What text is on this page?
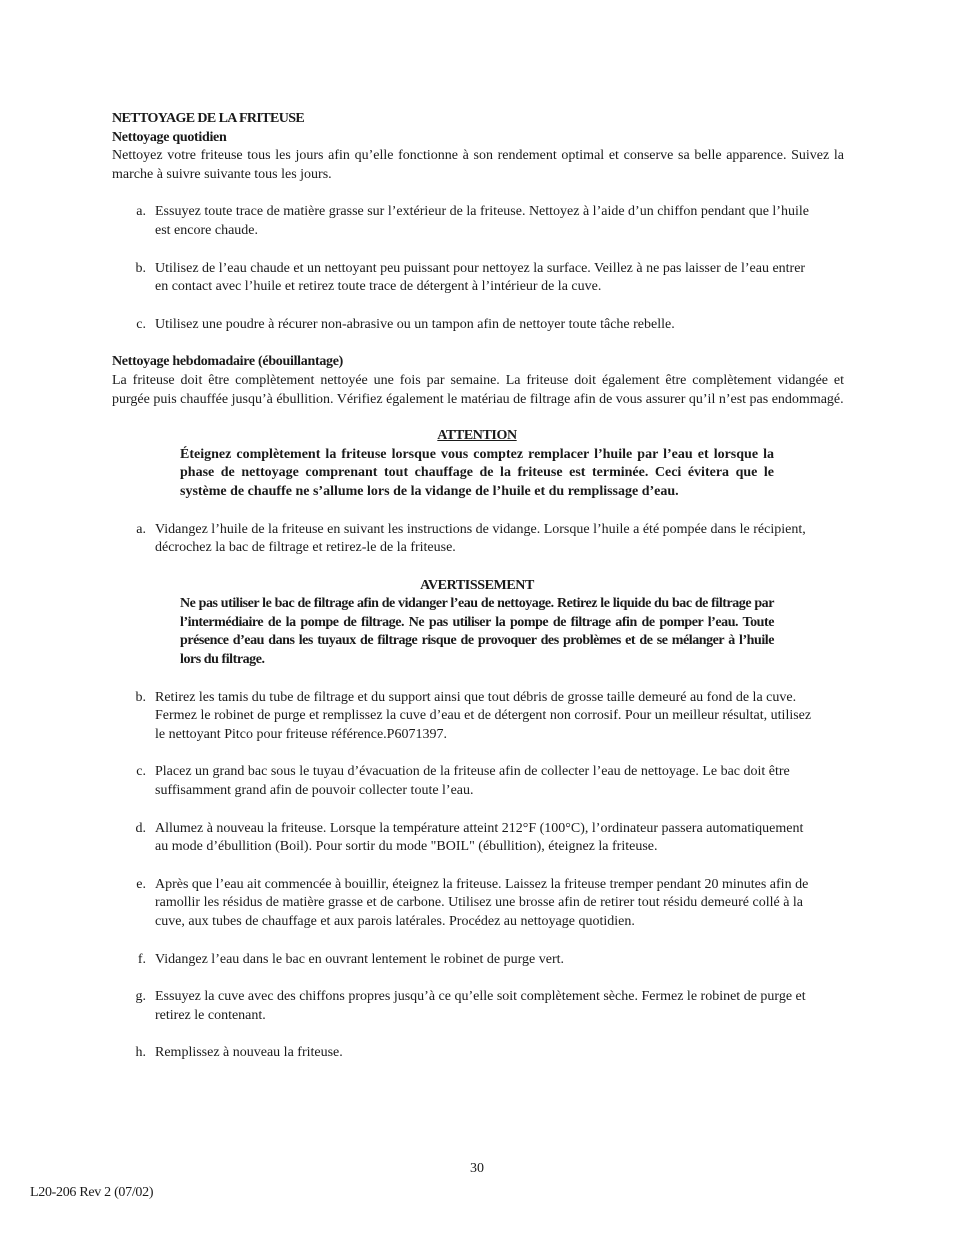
NETTOYAGE DE LA FRITEUSE
Nettoyage quotidien

Nettoyez votre friteuse tous les jours afin qu’elle fonctionne à son rendement optimal et conserve sa belle apparence. Suivez la marche à suivre suivante tous les jours.

a. Essuyez toute trace de matière grasse sur l’extérieur de la friteuse. Nettoyez à l’aide d’un chiffon pendant que l’huile est encore chaude.
b. Utilisez de l’eau chaude et un nettoyant peu puissant pour nettoyez la surface. Veillez à ne pas laisser de l’eau entrer en contact avec l’huile et retirez toute trace de détergent à l’intérieur de la cuve.
c. Utilisez une poudre à récurer non-abrasive ou un tampon afin de nettoyer toute tâche rebelle.
Nettoyage hebdomadaire (ébouillantage)

La friteuse doit être complètement nettoyée une fois par semaine. La friteuse doit également être complètement vidangée et purgée puis chauffée jusqu’à ébullition. Vérifiez également le matériau de filtrage afin de vous assurer qu’il n’est pas endommagé.

ATTENTION
Éteignez complètement la friteuse lorsque vous comptez remplacer l’huile par l’eau et lorsque la phase de nettoyage comprenant tout chauffage de la friteuse est terminée. Ceci évitera que le système de chauffe ne s’allume lors de la vidange de l’huile et du remplissage d’eau.
a. Vidangez l’huile de la friteuse en suivant les instructions de vidange. Lorsque l’huile a été pompée dans le récipient, décrochez la bac de filtrage et retirez-le de la friteuse.
AVERTISSEMENT
Ne pas utiliser le bac de filtrage afin de vidanger l’eau de nettoyage. Retirez le liquide du bac de filtrage par l’intermédiaire de la pompe de filtrage. Ne pas utiliser la pompe de filtrage afin de pomper l’eau. Toute présence d’eau dans les tuyaux de filtrage risque de provoquer des problèmes et de se mélanger à l’huile lors du filtrage.
b. Retirez les tamis du tube de filtrage et du support ainsi que tout débris de grosse taille demeuré au fond de la cuve. Fermez le robinet de purge et remplissez la cuve d’eau et de détergent non corrosif. Pour un meilleur résultat, utilisez le nettoyant Pitco pour friteuse référence.P6071397.
c. Placez un grand bac sous le tuyau d’évacuation de la friteuse afin de collecter l’eau de nettoyage. Le bac doit être suffisamment grand afin de pouvoir collecter toute l’eau.
d. Allumez à nouveau la friteuse. Lorsque la température atteint 212°F (100°C), l’ordinateur passera automatiquement au mode d’ébullition (Boil). Pour sortir du mode "BOIL" (ébullition), éteignez la friteuse.
e. Après que l’eau ait commencée à bouillir, éteignez la friteuse. Laissez la friteuse tremper pendant 20 minutes afin de ramollir les résidus de matière grasse et de carbone. Utilisez une brosse afin de retirer tout résidu demeuré collé à la cuve, aux tubes de chauffage et aux parois latérales. Procédez au nettoyage quotidien.
f. Vidangez l’eau dans le bac en ouvrant lentement le robinet de purge vert.
g. Essuyez la cuve avec des chiffons propres jusqu’à ce qu’elle soit complètement sèche. Fermez le robinet de purge et retirez le contenant.
h. Remplissez à nouveau la friteuse.
30
L20-206 Rev 2 (07/02)
